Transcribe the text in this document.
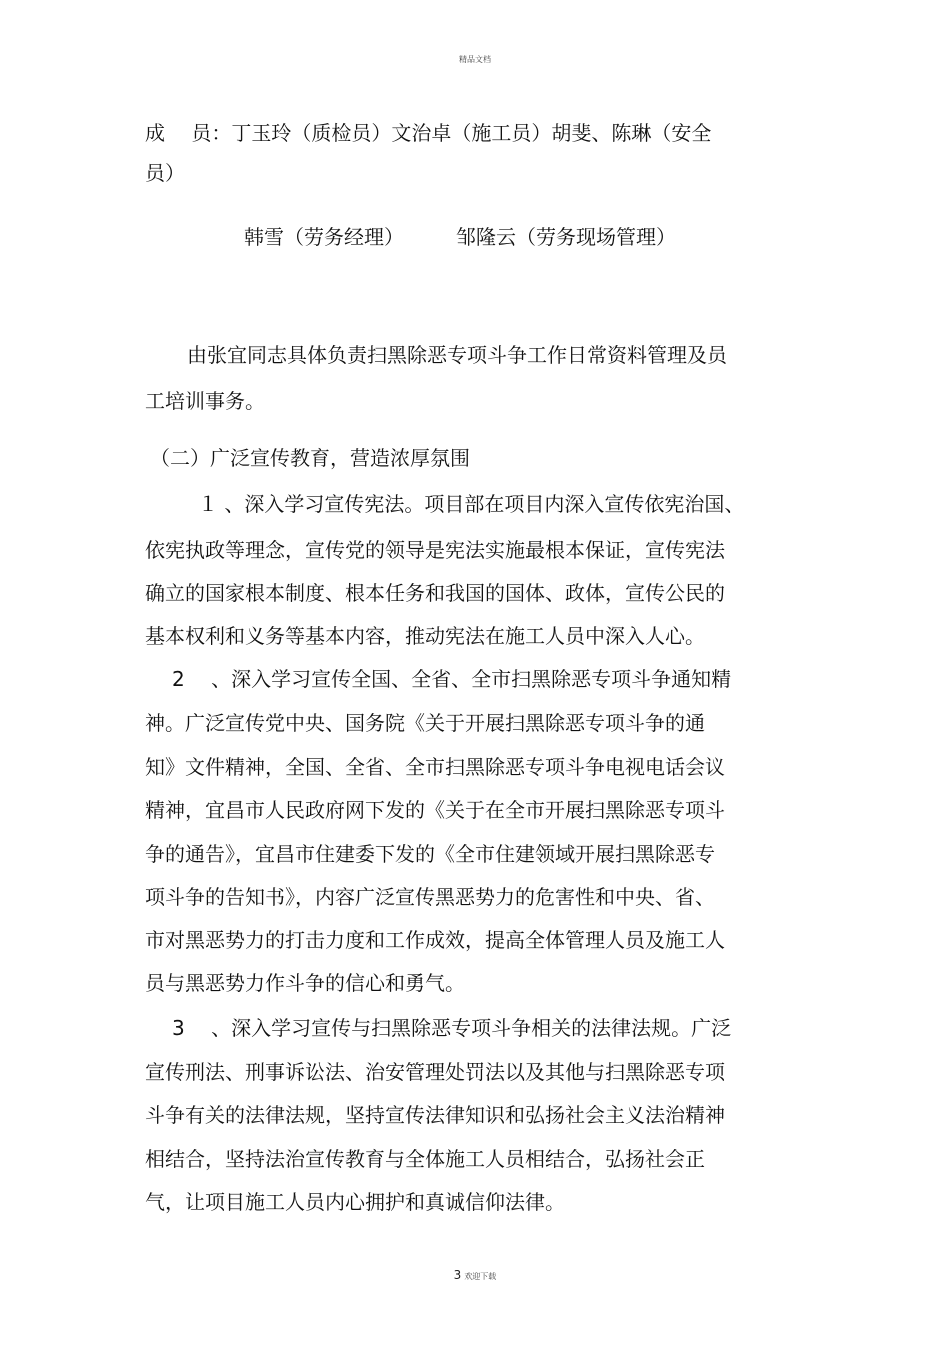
精品文档
成　 员：丁玉玲（质检员）文治卓（施工员）胡斐、陈琳（安全
员）
韩雪（劳务经理）	邹隆云（劳务现场管理）
由张宜同志具体负责扫黑除恶专项斗争工作日常资料管理及员
工培训事务。
（二）广泛宣传教育，营造浓厚氛围
１ 、深入学习宣传宪法。项目部在项目内深入宣传依宪治国、
依宪执政等理念，宣传党的领导是宪法实施最根本保证，宣传宪法
确立的国家根本制度、根本任务和我国的国体、政体，宣传公民的
基本权利和义务等基本内容，推动宪法在施工人员中深入人心。
2　 、深入学习宣传全国、全省、全市扫黑除恶专项斗争通知精
神。广泛宣传党中央、国务院《关于开展扫黑除恶专项斗争的通
知》文件精神，全国、全省、全市扫黑除恶专项斗争电视电话会议
精神，宜昌市人民政府网下发的《关于在全市开展扫黑除恶专项斗
争的通告》，宜昌市住建委下发的《全市住建领域开展扫黑除恶专
项斗争的告知书》，内容广泛宣传黑恶势力的危害性和中央、省、
市对黑恶势力的打击力度和工作成效，提高全体管理人员及施工人
员与黑恶势力作斗争的信心和勇气。
3　 、深入学习宣传与扫黑除恶专项斗争相关的法律法规。广泛
宣传刑法、刑事诉讼法、治安管理处罚法以及其他与扫黑除恶专项
斗争有关的法律法规，坚持宣传法律知识和弘扬社会主义法治精神
相结合，坚持法治宣传教育与全体施工人员相结合，弘扬社会正
气，让项目施工人员内心拥护和真诚信仰法律。
3 欢迎下载
